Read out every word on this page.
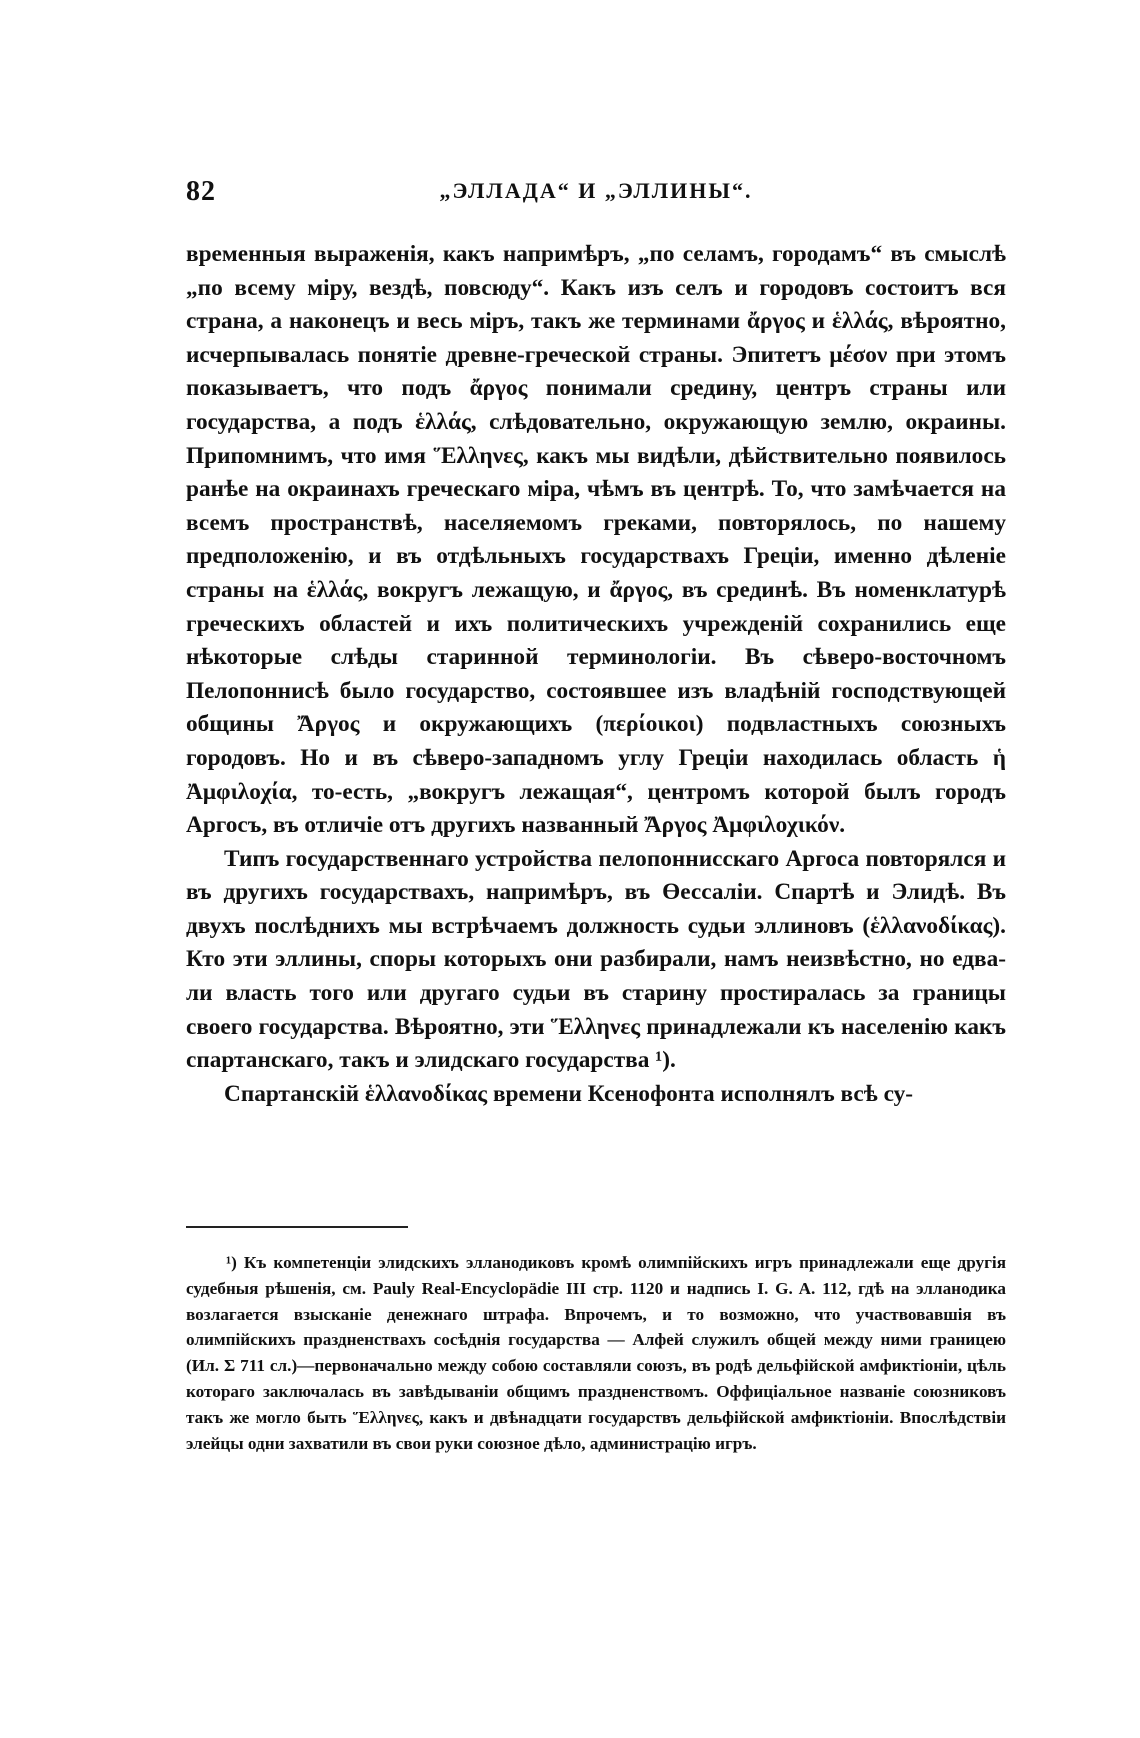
82	„ЭЛЛАДА“ И „ЭЛЛИНЫ“.

временныя выраженія, какъ напримѣръ, „по селамъ, городамъ“ въ смыслѣ „по всему міру, вездѣ, повсюду“. Какъ изъ селъ и городовъ состоитъ вся страна, а наконецъ и весь міръ, такъ же терминами ἄργος и ἑλλάς, вѣроятно, исчерпывалась понятіе древне-греческой страны. Эпитетъ μέσον при этомъ показываетъ, что подъ ἄργος понимали средину, центръ страны или государства, а подъ ἑλλάς, слѣдовательно, окружающую землю, окраины. Припомнимъ, что имя Ἕλληνες, какъ мы видѣли, дѣйствительно появилось ранѣе на окраинахъ греческаго міра, чѣмъ въ центрѣ. То, что замѣчается на всемъ пространствѣ, населяемомъ греками, повторялось, по нашему предположенію, и въ отдѣльныхъ государствахъ Греціи, именно дѣленіе страны на ἑλλάς, вокругъ лежащую, и ἄργος, въ срединѣ. Въ номенклатурѣ греческихъ областей и ихъ политическихъ учрежденій сохранились еще нѣкоторые слѣды старинной терминологіи. Въ сѣверо-восточномъ Пелопоннисѣ было государство, состоявшее изъ владѣній господствующей общины Ἄργος и окружающихъ (περίοικοι) подвластныхъ союзныхъ городовъ. Но и въ сѣверо-западномъ углу Греціи находилась область ἡ Ἀμφιλοχία, то-есть, „вокругъ лежащая“, центромъ которой былъ городъ Аргосъ, въ отличіе отъ другихъ названный Ἄργος Ἀμφιλοχικόν.

Типъ государственнаго устройства пелопоннисскаго Аргоса повторялся и въ другихъ государствахъ, напримѣръ, въ Өессаліи. Спартѣ и Элидѣ. Въ двухъ послѣднихъ мы встрѣчаемъ должность судьи эллиновъ (ἑλλανοδίκας). Кто эти эллины, споры которыхъ они разбирали, намъ неизвѣстно, но едва-ли власть того или другаго судьи въ старину простиралась за границы своего государства. Вѣроятно, эти Ἕλληνες принадлежали къ населенію какъ спартанскаго, такъ и элидскаго государства ¹).

Спартанскій ἑλλανοδίκας времени Ксенофонта исполнялъ всѣ су-

¹) Къ компетенціи элидскихъ элланодиковъ кромѣ олимпійскихъ игръ принадлежали еще другія судебныя рѣшенія, см. Pauly Real-Encyclopädie III стр. 1120 и надпись I. G. A. 112, гдѣ на элланодика возлагается взысканіе денежнаго штрафа. Впрочемъ, и то возможно, что участвовавшія въ олимпійскихъ праздненствахъ сосѣднія государства — Алфей служилъ общей между ними границею (Ил. Σ 711 сл.)—первоначально между собою составляли союзъ, въ родѣ дельфійской амфиктіоніи, цѣль котораго заключалась въ завѣдываніи общимъ праздненствомъ. Оффиціальное названіе союзниковъ такъ же могло быть Ἕλληνες, какъ и двѣнадцати государствъ дельфійской амфиктіоніи. Впослѣдствіи элейцы одни захватили въ свои руки союзное дѣло, администрацію игръ.
